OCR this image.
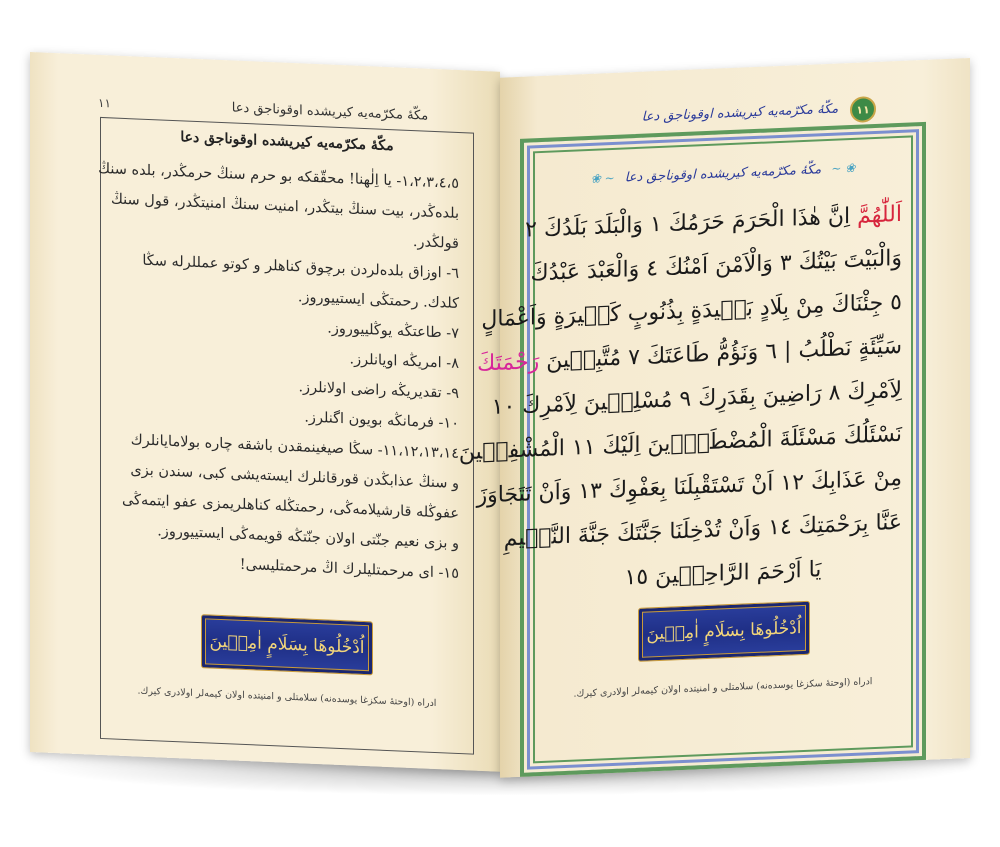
١١	مكّهٔ مكرّمه‌یه كیریشده اوقوناجق دعا
مكّهٔ مكرّمه‌یه كیریشده اوقوناجق دعا
١،٢،٣،٤،٥- یا اِلٰهنا! محقّقكه بو حرم سنڭ حرمڭدر، بلده سنڭ
بلده‌ڭدر، بیت سنڭ بیتڭدر، امنیت سنڭ امنیتڭدر، قول سنڭ
قولڭدر.
٦- اوزاق بلده‌لردن برچوق كناهلر و كوتو عمللرله سڭا
كلدك. رحمتڭی ایستییوروز.
٧- طاعتڭه یوڭلییوروز.
٨- امریڭه اویانلرز.
٩- تقدیریڭه راضی اولانلرز.
١٠- فرمانڭه بویون اگنلرز.
١١،١٢،١٣،١٤- سڭا صیغینمقدن باشقه چاره بولامایانلرك
و سنڭ عذابڭدن قورقانلرك ایسته‌یشی كبی، سندن بزی
عفوڭله قارشیلامه‌ڭی، رحمتڭله كناهلریمزی عفو ایتمه‌ڭی
و بزی نعیم جنّتی اولان جنّتڭه قویمه‌ڭی ایستییوروز.
١٥- ای مرحمتلیلرك اڭ مرحمتلیسی!
اُدْخُلُوهَا بِسَلَامٍ اٰمِن۪ينَ
ادراه (اوحتهٔ سكزغا یوسده‌نه) سلامتلى و امنيتده اولان كيمه‌لر اولادرى كيرك.
مكّهٔ مكرّمه‌یه كیریشده اوقوناجق دعا	١١
❀ ∽ مكّهٔ مكرّمه‌یه كیریشده اوقوناجق دعا ∽ ❀
اَللّٰهُمَّ اِنَّ هٰذَا الْحَرَمَ حَرَمُكَ ١ وَالْبَلَدَ بَلَدُكَ ٢
وَالْبَيْتَ بَيْتُكَ ٣ وَالْاَمْنَ اَمْنُكَ ٤ وَالْعَبْدَ عَبْدُكَ
٥ جِئْنَاكَ مِنْ بِلَادٍ بَع۪يدَةٍ بِذُنُوبٍ كَث۪يرَةٍ وَاَعْمَالٍ
سَيِّئَةٍ نَطْلُبُ | ٦ وَنَؤُمُّ طَاعَتَكَ ٧ مُتَّبِع۪ينَ رَحْمَتَكَ
لِاَمْرِكَ ٨ رَاضِينَ بِقَدَرِكَ ٩ مُسْلِم۪ينَ لِاَمْرِكَ ١٠
نَسْئَلُكَ مَسْئَلَةَ الْمُضْطَرّ۪ينَ اِلَيْكَ ١١ الْمُشْفِق۪ينَ
مِنْ عَذَابِكَ ١٢ اَنْ تَسْتَقْبِلَنَا بِعَفْوِكَ ١٣ وَاَنْ تَتَجَاوَزَ
عَنَّا بِرَحْمَتِكَ ١٤ وَاَنْ تُدْخِلَنَا جَنَّتَكَ جَنَّةَ النَّع۪يمِ
يَا اَرْحَمَ الرَّاحِم۪ينَ ١٥
اُدْخُلُوهَا بِسَلَامٍ اٰمِن۪ينَ
ادراه (اوحتهٔ سكزغا یوسده‌نه) سلامتلى و امنيتده اولان كيمه‌لر اولادرى كيرك.
